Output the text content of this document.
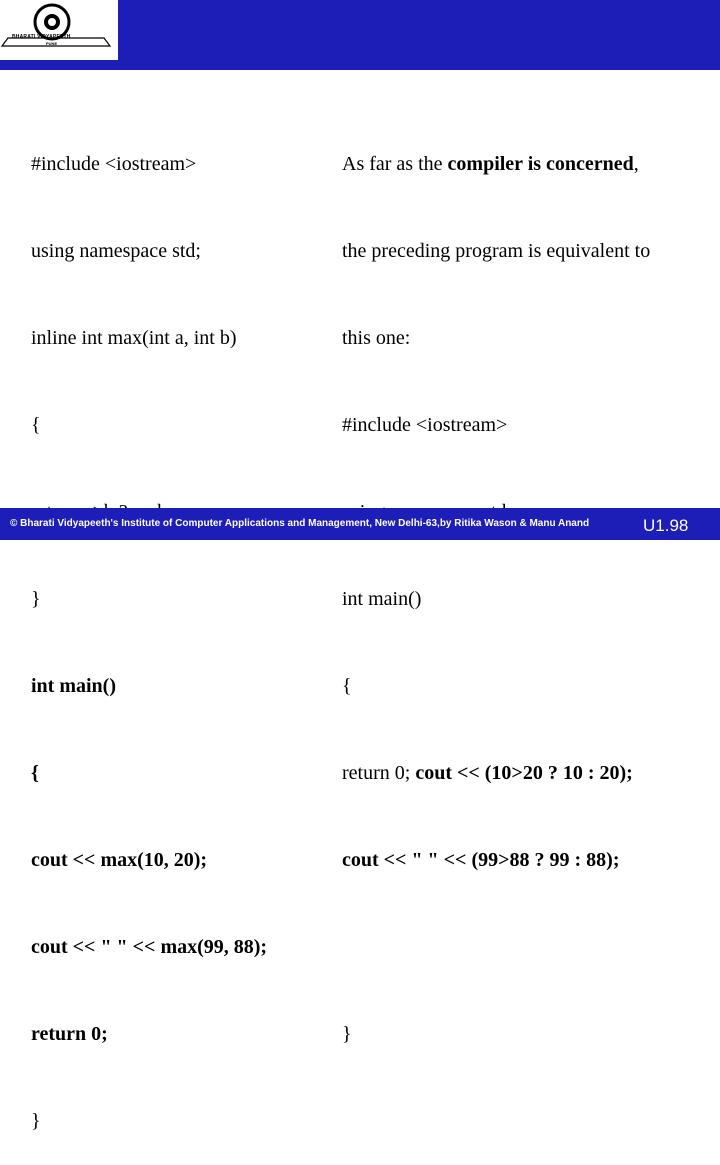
BHARATI VIDYAPEETH
PUNE

#include <iostream>

using namespace std;

inline int max(int a, int b)

{

}

int main()

{

cout << max(10, 20);

cout << " " << max(99, 88);

return 0;

}

As far as the compiler is concerned,

the preceding program is equivalent to

this one:

#include <iostream>

int main()

{

return 0; cout << (10>20 ? 10 : 20);

cout << " " << (99>88 ? 99 : 88);

}

© Bharati Vidyapeeth's Institute of Computer Applications and Management, New Delhi-63,by Ritika Wason & Manu Anand	U1.98
